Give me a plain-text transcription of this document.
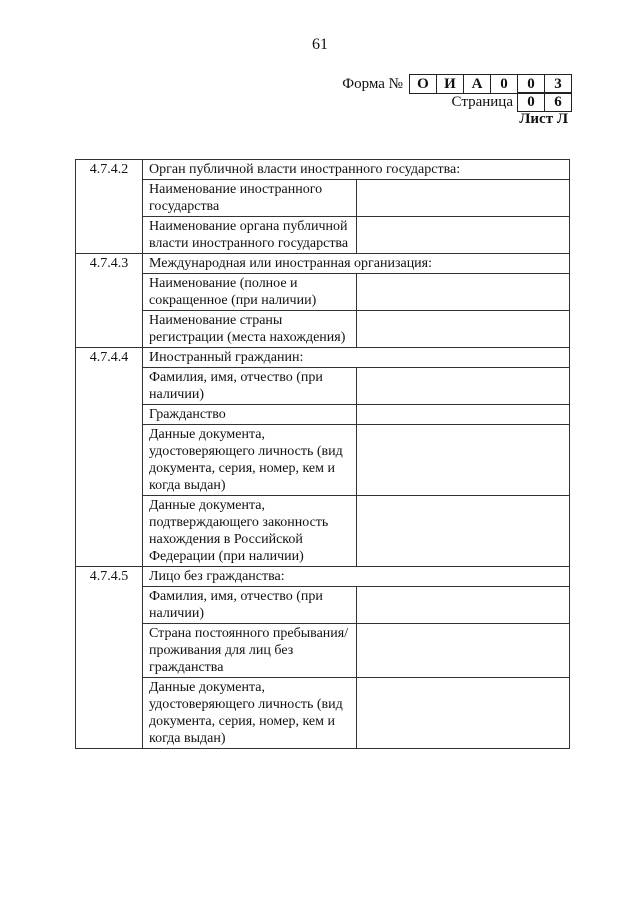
61
Форма № О	И	А	0	0	3
Страница 0	6
Лист Л
4.7.4.2	Орган публичной власти иностранного государства:	
	Наименование иностранного государства	
	Наименование органа публичной власти иностранного государства	
4.7.4.3	Международная или иностранная организация:	
	Наименование (полное и сокращенное (при наличии)	
	Наименование страны регистрации (места нахождения)	
4.7.4.4	Иностранный гражданин:	
	Фамилия, имя, отчество (при наличии)	
	Гражданство	
	Данные документа, удостоверяющего личность (вид документа, серия, номер, кем и когда выдан)	
	Данные документа, подтверждающего законность нахождения в Российской Федерации (при наличии)	
4.7.4.5	Лицо без гражданства:	
	Фамилия, имя, отчество (при наличии)	
	Страна постоянного пребывания/проживания для лиц без гражданства	
	Данные документа, удостоверяющего личность (вид документа, серия, номер, кем и когда выдан)	
